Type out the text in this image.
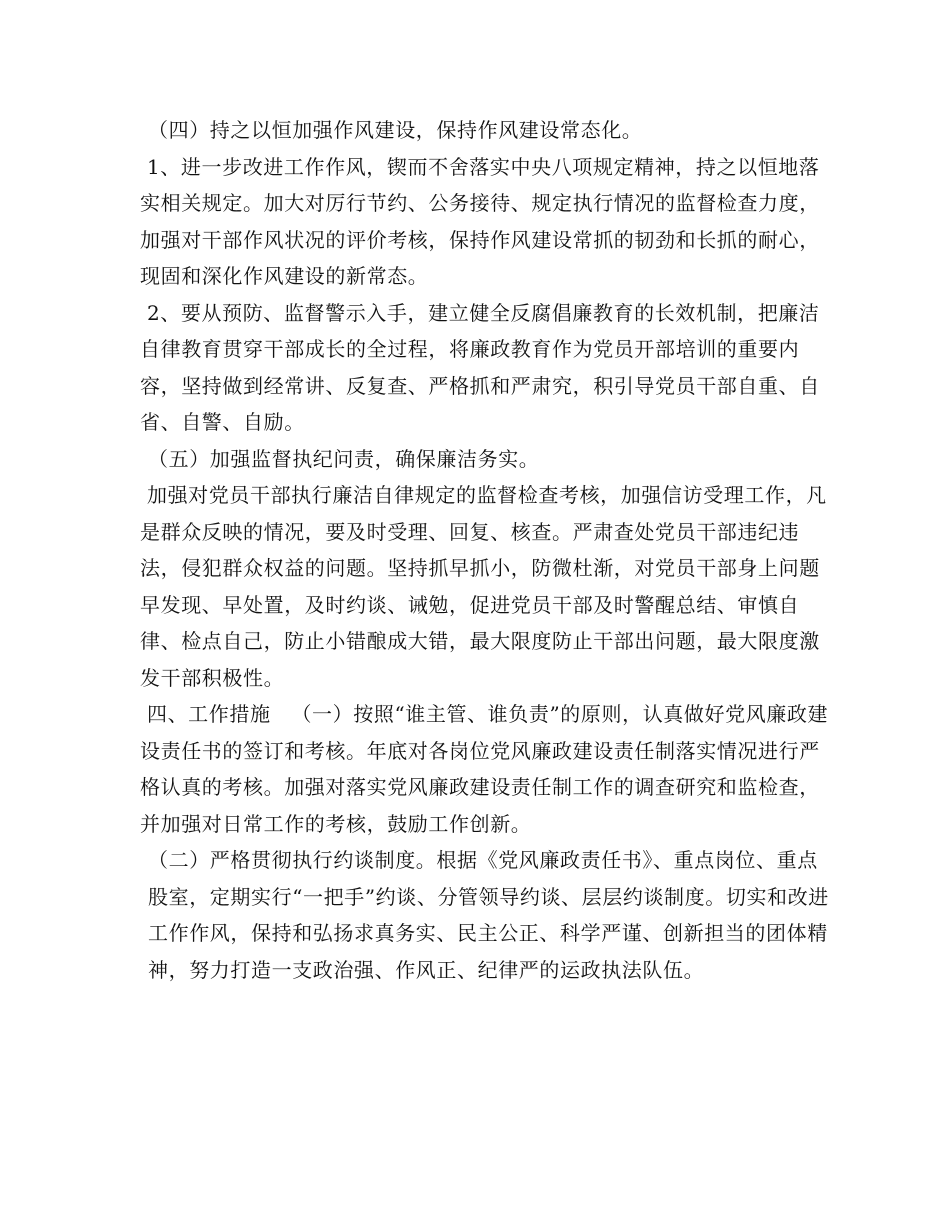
（四）持之以恒加强作风建设，保持作风建设常态化。

1、进一步改进工作作风，锲而不舍落实中央八项规定精神，持之以恒地落实相关规定。加大对厉行节约、公务接待、规定执行情况的监督检查力度，加强对干部作风状况的评价考核，保持作风建设常抓的韧劲和长抓的耐心，现固和深化作风建设的新常态。

2、要从预防、监督警示入手，建立健全反腐倡廉教育的长效机制，把廉洁自律教育贯穿干部成长的全过程，将廉政教育作为党员开部培训的重要内容，坚持做到经常讲、反复查、严格抓和严肃究，积引导党员干部自重、自省、自警、自励。

（五）加强监督执纪问责，确保廉洁务实。

加强对党员干部执行廉洁自律规定的监督检查考核，加强信访受理工作，凡是群众反映的情况，要及时受理、回复、核查。严肃查处党员干部违纪违法，侵犯群众权益的问题。坚持抓早抓小，防微杜渐，对党员干部身上问题早发现、早处置，及时约谈、诫勉，促进党员干部及时警醒总结、审慎自律、检点自己，防止小错酿成大错，最大限度防止干部出问题，最大限度激发干部积极性。

四、工作措施   （一）按照“谁主管、谁负责”的原则，认真做好党风廉政建设责任书的签订和考核。年底对各岗位党风廉政建设责任制落实情况进行严格认真的考核。加强对落实党风廉政建设责任制工作的调查研究和监检查，并加强对日常工作的考核，鼓励工作创新。

（二）严格贯彻执行约谈制度。根据《党风廉政责任书》、重点岗位、重点股室，定期实行“一把手”约谈、分管领导约谈、层层约谈制度。切实和改进工作作风，保持和弘扬求真务实、民主公正、科学严谨、创新担当的团体精神，努力打造一支政治强、作风正、纪律严的运政执法队伍。
